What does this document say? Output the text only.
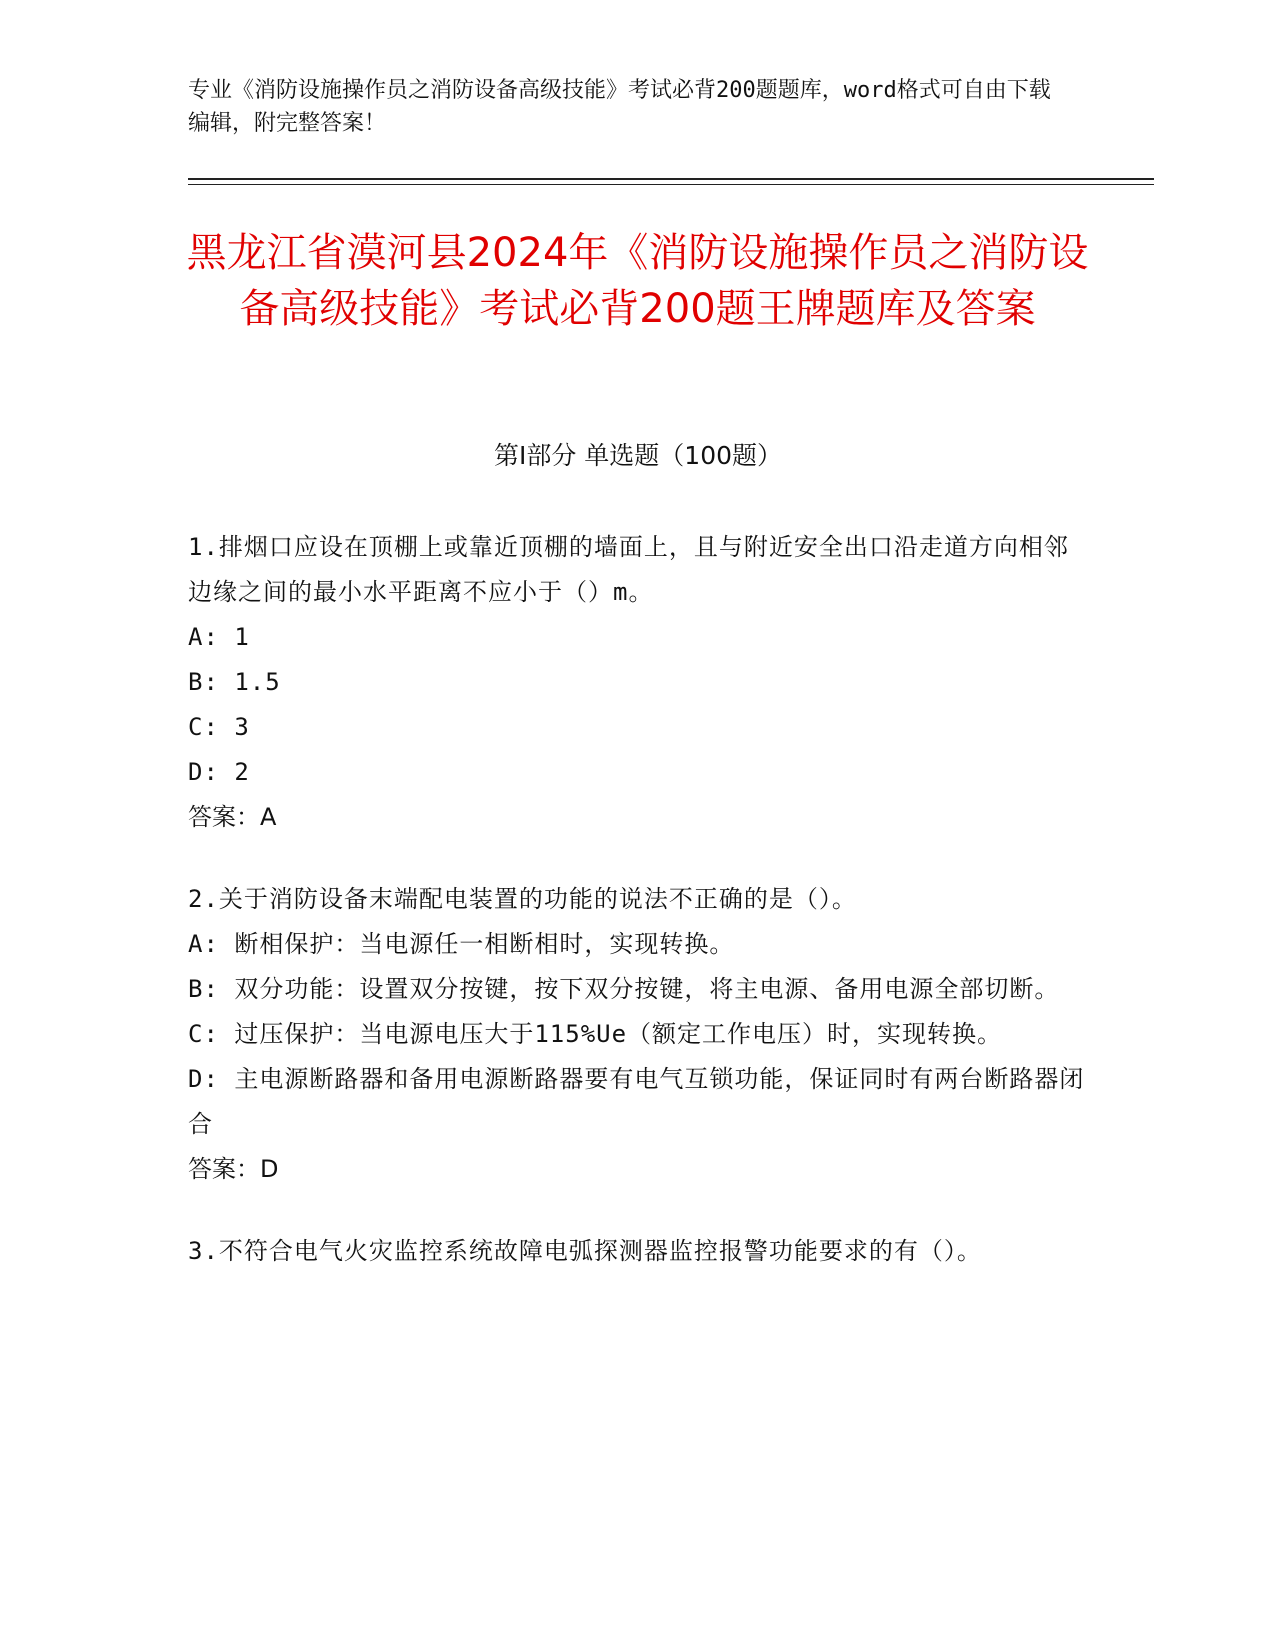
专业《消防设施操作员之消防设备高级技能》考试必背200题题库，word格式可自由下载编辑，附完整答案！
黑龙江省漠河县2024年《消防设施操作员之消防设备高级技能》考试必背200题王牌题库及答案
第I部分 单选题（100题）
1.排烟口应设在顶棚上或靠近顶棚的墙面上，且与附近安全出口沿走道方向相邻边缘之间的最小水平距离不应小于（）m。
A: 1
B: 1.5
C: 3
D: 2
答案：A
2.关于消防设备末端配电装置的功能的说法不正确的是（）。
A: 断相保护：当电源任一相断相时，实现转换。
B: 双分功能：设置双分按键，按下双分按键，将主电源、备用电源全部切断。
C: 过压保护：当电源电压大于115%Ue（额定工作电压）时，实现转换。
D: 主电源断路器和备用电源断路器要有电气互锁功能，保证同时有两台断路器闭合
答案：D
3.不符合电气火灾监控系统故障电弧探测器监控报警功能要求的有（）。
